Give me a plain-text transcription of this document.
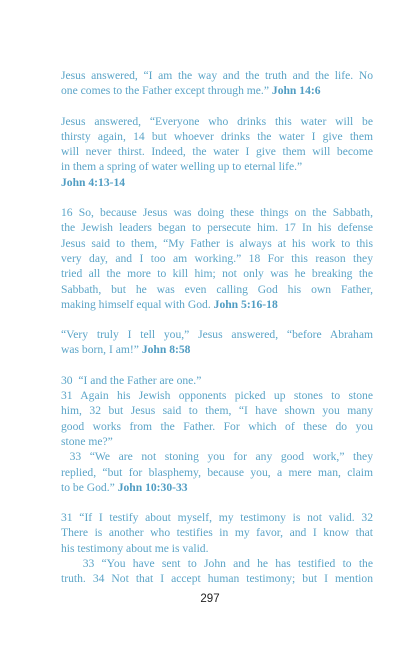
Jesus answered, “I am the way and the truth and the life. No
one comes to the Father except through me.” John 14:6
Jesus answered, “Everyone who drinks this water will be
thirsty again, 14 but whoever drinks the water I give them
will never thirst. Indeed, the water I give them will become
in them a spring of water welling up to eternal life.”
John 4:13-14
16 So, because Jesus was doing these things on the Sabbath,
the Jewish leaders began to persecute him. 17 In his defense
Jesus said to them, “My Father is always at his work to this
very day, and I too am working.” 18 For this reason they
tried all the more to kill him; not only was he breaking the
Sabbath, but he was even calling God his own Father,
making himself equal with God. John 5:16-18
“Very truly I tell you,” Jesus answered, “before Abraham
was born, I am!” John 8:58
30  “I and the Father are one.”
31 Again his Jewish opponents picked up stones to stone
him, 32 but Jesus said to them, “I have shown you many
good works from the Father. For which of these do you
stone me?”
33 “We are not stoning you for any good work,” they
replied, “but for blasphemy, because you, a mere man, claim
to be God.” John 10:30-33
31 “If I testify about myself, my testimony is not valid. 32
There is another who testifies in my favor, and I know that
his testimony about me is valid.
33 “You have sent to John and he has testified to the
truth. 34 Not that I accept human testimony; but I mention
297
